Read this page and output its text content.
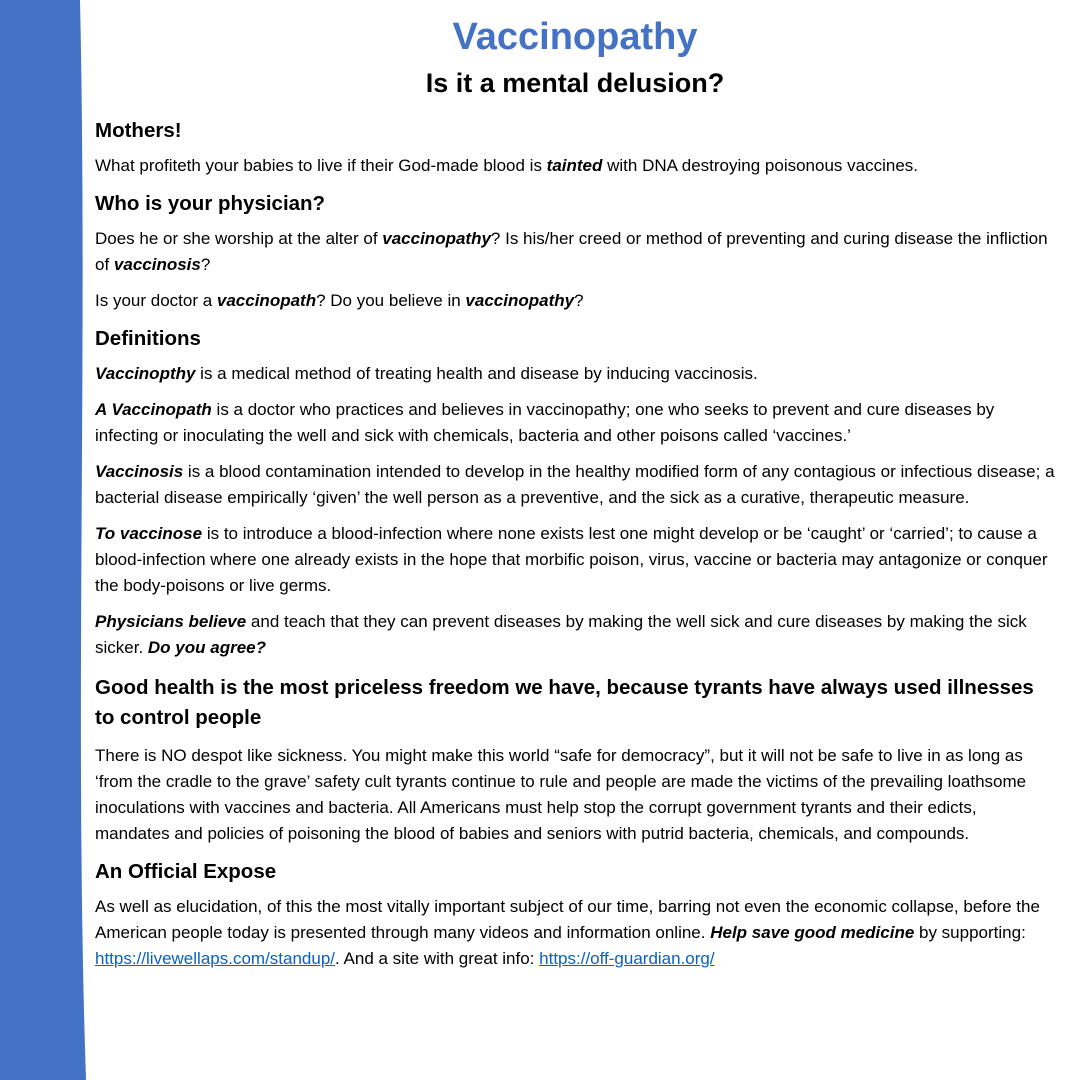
Vaccinopathy
Is it a mental delusion?
Mothers!

What profiteth your babies to live if their God-made blood is tainted with DNA destroying poisonous vaccines.

Who is your physician?

Does he or she worship at the alter of vaccinopathy? Is his/her creed or method of preventing and curing disease the infliction of vaccinosis?

Is your doctor a vaccinopath? Do you believe in vaccinopathy?

Definitions

Vaccinopthy is a medical method of treating health and disease by inducing vaccinosis.

A Vaccinopath is a doctor who practices and believes in vaccinopathy; one who seeks to prevent and cure diseases by infecting or inoculating the well and sick with chemicals, bacteria and other poisons called ‘vaccines.’

Vaccinosis is a blood contamination intended to develop in the healthy modified form of any contagious or infectious disease; a bacterial disease empirically ‘given’ the well person as a preventive, and the sick as a curative, therapeutic measure.

To vaccinose is to introduce a blood-infection where none exists lest one might develop or be ‘caught’ or ‘carried’; to cause a blood-infection where one already exists in the hope that morbific poison, virus, vaccine or bacteria may antagonize or conquer the body-poisons or live germs.

Physicians believe and teach that they can prevent diseases by making the well sick and cure diseases by making the sick sicker. Do you agree?

Good health is the most priceless freedom we have, because tyrants have always used illnesses to control people

There is NO despot like sickness. You might make this world “safe for democracy”, but it will not be safe to live in as long as ‘from the cradle to the grave’ safety cult tyrants continue to rule and people are made the victims of the prevailing loathsome inoculations with vaccines and bacteria. All Americans must help stop the corrupt government tyrants and their edicts, mandates and policies of poisoning the blood of babies and seniors with putrid bacteria, chemicals, and compounds.

An Official Expose

As well as elucidation, of this the most vitally important subject of our time, barring not even the economic collapse, before the American people today is presented through many videos and information online. Help save good medicine by supporting: https://livewellaps.com/standup/. And a site with great info: https://off-guardian.org/
